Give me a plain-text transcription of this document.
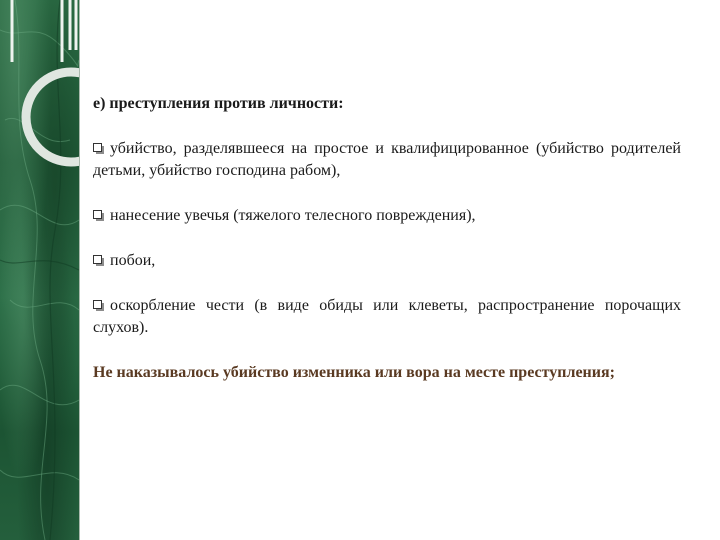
е) преступления против личности:

убийство, разделявшееся на простое и квалифицированное (убийство родителей детьми, убийство господина рабом),

нанесение увечья (тяжелого телесного повреждения),

побои,

оскорбление чести (в виде обиды или клеветы, распространение порочащих слухов).

Не наказывалось убийство изменника или вора на месте преступления;
